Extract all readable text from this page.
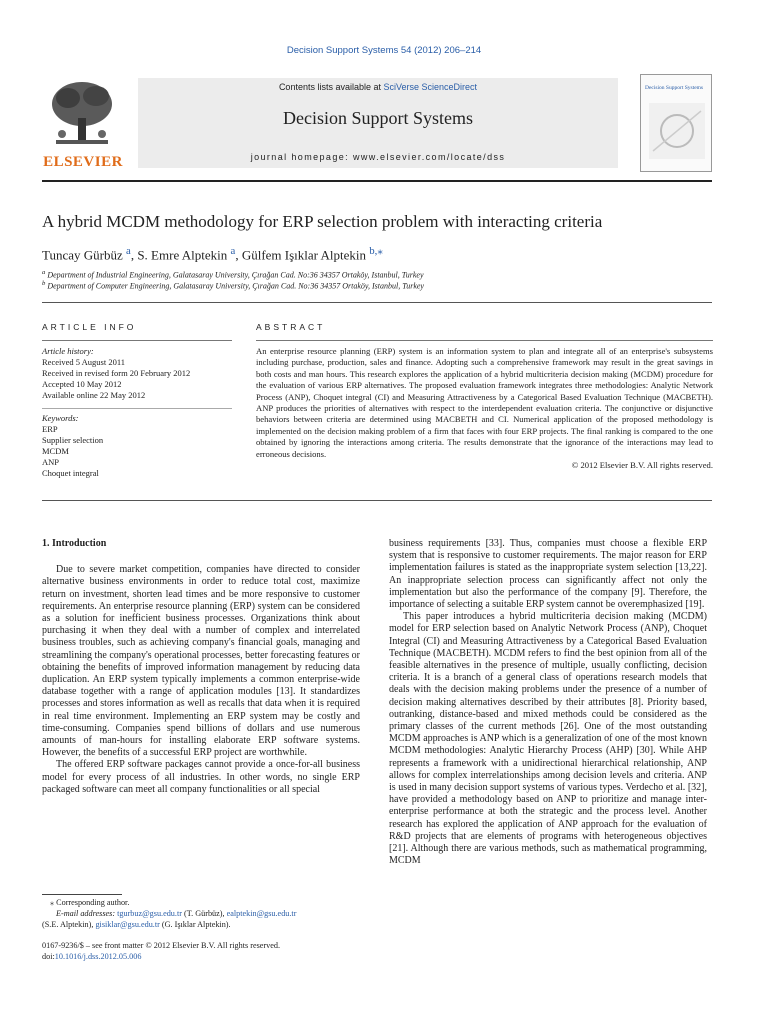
Decision Support Systems 54 (2012) 206–214
ELSEVIER
Contents lists available at SciVerse ScienceDirect
Decision Support Systems
journal homepage: www.elsevier.com/locate/dss
Decision Support Systems
A hybrid MCDM methodology for ERP selection problem with interacting criteria
Tuncay Gürbüz $^a$, S. Emre Alptekin $^a$, Gülfem Işıklar Alptekin $^{b,⁎}$
$^a$ Department of Industrial Engineering, Galatasaray University, Çırağan Cad. No:36 34357 Ortaköy, Istanbul, Turkey
$^b$ Department of Computer Engineering, Galatasaray University, Çırağan Cad. No:36 34357 Ortaköy, Istanbul, Turkey
ARTICLE INFO	ABSTRACT
Article history:
Received 5 August 2011
Received in revised form 20 February 2012
Accepted 10 May 2012
Available online 22 May 2012
Keywords:
ERP
Supplier selection
MCDM
ANP
Choquet integral
An enterprise resource planning (ERP) system is an information system to plan and integrate all of an enterprise's subsystems including purchase, production, sales and finance. Adopting such a comprehensive framework may result in the great savings in both costs and man hours. This research explores the application of a hybrid multicriteria decision making (MCDM) procedure for the evaluation of various ERP alternatives. The proposed evaluation framework integrates three methodologies: Analytic Network Process (ANP), Choquet integral (CI) and Measuring Attractiveness by a Categorical Based Evaluation Technique (MACBETH). ANP produces the priorities of alternatives with respect to the interdependent evaluation criteria. The conjunctive or disjunctive behaviors between criteria are determined using MACBETH and CI. Numerical application of the proposed methodology is implemented on the decision making problem of a firm that faces with four ERP projects. The final ranking is compared to the one obtained by ignoring the interactions among criteria. The results demonstrate that the ignorance of the interactions may lead to erroneous decisions.
© 2012 Elsevier B.V. All rights reserved.
1. Introduction

Due to severe market competition, companies have directed to consider alternative business environments in order to reduce total cost, maximize return on investment, shorten lead times and be more responsive to customer requirements. An enterprise resource planning (ERP) system can be considered as a solution for inefficient business processes. Organizations think about purchasing it when they deal with a number of complex and interrelated business troubles, such as achieving company's financial goals, managing and streamlining the company's operational processes, better forecasting features or obtaining the benefits of improved information management by reducing data duplication. An ERP system typically implements a common enterprise-wide database together with a range of application modules [13]. It standardizes processes and stores information as well as recalls that data when it is required in real time environment. Implementing an ERP system may be costly and time-consuming. Companies spend billions of dollars and use numerous amounts of man-hours for installing elaborate ERP software systems. However, the benefits of a successful ERP project are worthwhile.

The offered ERP software packages cannot provide a once-for-all business model for every process of all industries. In other words, no single ERP packaged software can meet all company functionalities or all special

business requirements [33]. Thus, companies must choose a flexible ERP system that is responsive to customer requirements. The major reason for ERP implementation failures is stated as the inappropriate system selection [13,22]. An inappropriate selection process can significantly affect not only the implementation but also the performance of the company [9]. Therefore, the importance of selecting a suitable ERP system cannot be overemphasized [19].

This paper introduces a hybrid multicriteria decision making (MCDM) model for ERP selection based on Analytic Network Process (ANP), Choquet Integral (CI) and Measuring Attractiveness by a Categorical Based Evaluation Technique (MACBETH). MCDM refers to find the best opinion from all of the feasible alternatives in the presence of multiple, usually conflicting, decision criteria. It is a branch of a general class of operations research models that deals with the decision making problems under the presence of a number of decision making alternatives described by their attributes [8]. Priority based, outranking, distance-based and mixed methods could be considered as the primary classes of the current methods [26]. One of the most outstanding MCDM approaches is ANP which is a generalization of one of the most known MCDM methodologies: Analytic Hierarchy Process (AHP) [30]. While AHP represents a framework with a unidirectional hierarchical relationship, ANP allows for complex interrelationships among decision levels and criteria. ANP is used in many decision support systems of various types. Verdecho et al. [32], have provided a methodology based on ANP to prioritize and manage inter-enterprise performance at both the strategic and the process level. Another research has explored the application of ANP approach for the evaluation of R&D projects that are elements of programs with heterogeneous objectives [21]. Although there are various methods, such as mathematical programming, MCDM

⁎ Corresponding author.
E-mail addresses: tgurbuz@gsu.edu.tr (T. Gürbüz), ealptekin@gsu.edu.tr
(S.E. Alptekin), gisiklar@gsu.edu.tr (G. Işıklar Alptekin).
0167-9236/$ – see front matter © 2012 Elsevier B.V. All rights reserved.
doi:10.1016/j.dss.2012.05.006
